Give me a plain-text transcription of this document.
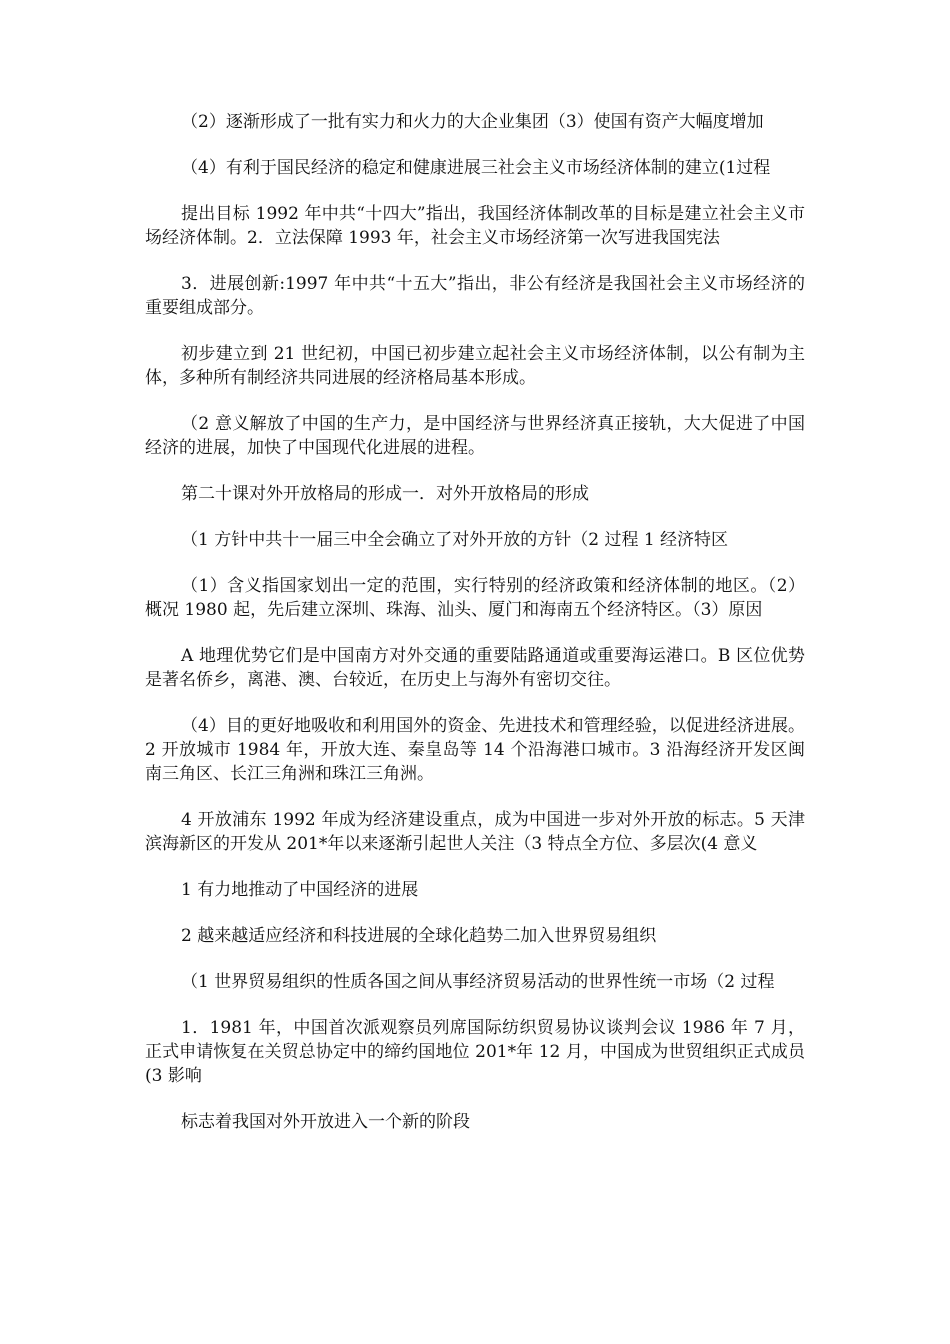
（2）逐渐形成了一批有实力和火力的大企业集团（3）使国有资产大幅度增加

（4）有利于国民经济的稳定和健康进展三社会主义市场经济体制的建立(1过程

提出目标 1992 年中共“十四大”指出，我国经济体制改革的目标是建立社会主义市场经济体制。2．立法保障 1993 年，社会主义市场经济第一次写进我国宪法

3．进展创新:1997 年中共“十五大”指出，非公有经济是我国社会主义市场经济的重要组成部分。

初步建立到 21 世纪初，中国已初步建立起社会主义市场经济体制，以公有制为主体，多种所有制经济共同进展的经济格局基本形成。

（2 意义解放了中国的生产力，是中国经济与世界经济真正接轨，大大促进了中国经济的进展，加快了中国现代化进展的进程。

第二十课对外开放格局的形成一．对外开放格局的形成

（1 方针中共十一届三中全会确立了对外开放的方针（2 过程 1 经济特区

（1）含义指国家划出一定的范围，实行特别的经济政策和经济体制的地区。（2）概况 1980 起，先后建立深圳、珠海、汕头、厦门和海南五个经济特区。（3）原因

A 地理优势它们是中国南方对外交通的重要陆路通道或重要海运港口。B 区位优势是著名侨乡，离港、澳、台较近，在历史上与海外有密切交往。

（4）目的更好地吸收和利用国外的资金、先进技术和管理经验，以促进经济进展。2 开放城市 1984 年，开放大连、秦皇岛等 14 个沿海港口城市。3 沿海经济开发区闽南三角区、长江三角洲和珠江三角洲。

4 开放浦东 1992 年成为经济建设重点，成为中国进一步对外开放的标志。5 天津滨海新区的开发从 201*年以来逐渐引起世人关注（3 特点全方位、多层次(4 意义

1 有力地推动了中国经济的进展

2 越来越适应经济和科技进展的全球化趋势二加入世界贸易组织

（1 世界贸易组织的性质各国之间从事经济贸易活动的世界性统一市场（2 过程

1．1981 年，中国首次派观察员列席国际纺织贸易协议谈判会议 1986 年 7 月，正式申请恢复在关贸总协定中的缔约国地位 201*年 12 月，中国成为世贸组织正式成员(3 影响

标志着我国对外开放进入一个新的阶段
